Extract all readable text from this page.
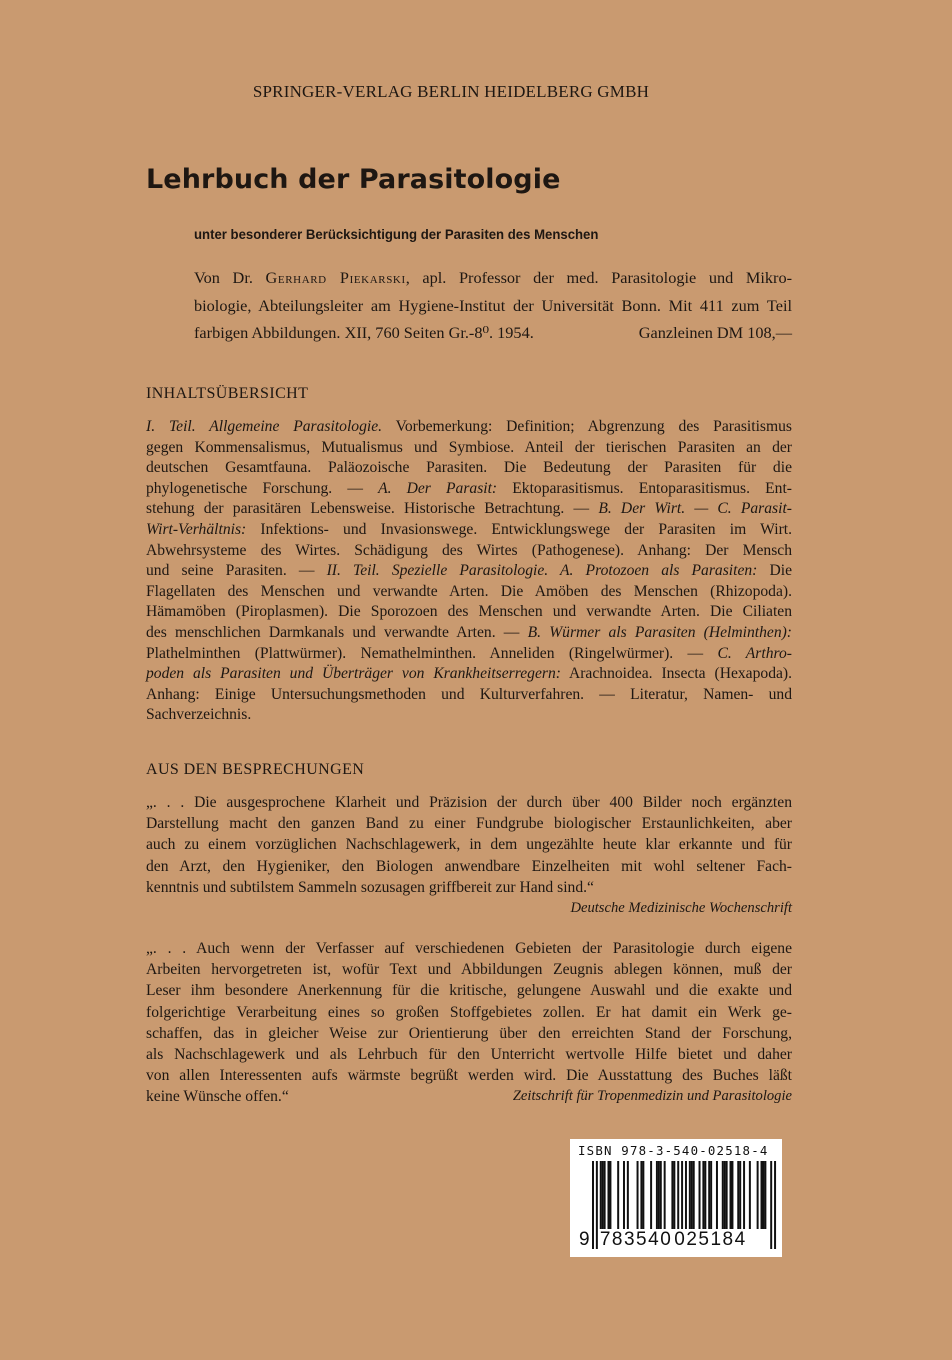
SPRINGER-VERLAG BERLIN HEIDELBERG GMBH
Lehrbuch der Parasitologie
unter besonderer Berücksichtigung der Parasiten des Menschen
Von Dr. Gerhard Piekarski, apl. Professor der med. Parasitologie und Mikro-
biologie, Abteilungsleiter am Hygiene-Institut der Universität Bonn. Mit 411 zum Teil
farbigen Abbildungen. XII, 760 Seiten Gr.-8⁰. 1954.	Ganzleinen DM 108,—
INHALTSÜBERSICHT
I. Teil. Allgemeine Parasitologie. Vorbemerkung: Definition; Abgrenzung des Parasitismus
gegen Kommensalismus, Mutualismus und Symbiose. Anteil der tierischen Parasiten an der
deutschen Gesamtfauna. Paläozoische Parasiten. Die Bedeutung der Parasiten für die
phylogenetische Forschung. — A. Der Parasit: Ektoparasitismus. Entoparasitismus. Ent-
stehung der parasitären Lebensweise. Historische Betrachtung. — B. Der Wirt. — C. Parasit-
Wirt-Verhältnis: Infektions- und Invasionswege. Entwicklungswege der Parasiten im Wirt.
Abwehrsysteme des Wirtes. Schädigung des Wirtes (Pathogenese). Anhang: Der Mensch
und seine Parasiten. — II. Teil. Spezielle Parasitologie. A. Protozoen als Parasiten: Die
Flagellaten des Menschen und verwandte Arten. Die Amöben des Menschen (Rhizopoda).
Hämamöben (Piroplasmen). Die Sporozoen des Menschen und verwandte Arten. Die Ciliaten
des menschlichen Darmkanals und verwandte Arten. — B. Würmer als Parasiten (Helminthen):
Plathelminthen (Plattwürmer). Nemathelminthen. Anneliden (Ringelwürmer). — C. Arthro-
poden als Parasiten und Überträger von Krankheitserregern: Arachnoidea. Insecta (Hexapoda).
Anhang: Einige Untersuchungsmethoden und Kulturverfahren. — Literatur, Namen- und
Sachverzeichnis.
AUS DEN BESPRECHUNGEN
„. . . Die ausgesprochene Klarheit und Präzision der durch über 400 Bilder noch ergänzten
Darstellung macht den ganzen Band zu einer Fundgrube biologischer Erstaunlichkeiten, aber
auch zu einem vorzüglichen Nachschlagewerk, in dem ungezählte heute klar erkannte und für
den Arzt, den Hygieniker, den Biologen anwendbare Einzelheiten mit wohl seltener Fach-
kenntnis und subtilstem Sammeln sozusagen griffbereit zur Hand sind.“
Deutsche Medizinische Wochenschrift
„. . . Auch wenn der Verfasser auf verschiedenen Gebieten der Parasitologie durch eigene
Arbeiten hervorgetreten ist, wofür Text und Abbildungen Zeugnis ablegen können, muß der
Leser ihm besondere Anerkennung für die kritische, gelungene Auswahl und die exakte und
folgerichtige Verarbeitung eines so großen Stoffgebietes zollen. Er hat damit ein Werk ge-
schaffen, das in gleicher Weise zur Orientierung über den erreichten Stand der Forschung,
als Nachschlagewerk und als Lehrbuch für den Unterricht wertvolle Hilfe bietet und daher
von allen Interessenten aufs wärmste begrüßt werden wird. Die Ausstattung des Buches läßt
keine Wünsche offen.“	Zeitschrift für Tropenmedizin und Parasitologie
ISBN 978-3-540-02518-4
9 783540 025184
